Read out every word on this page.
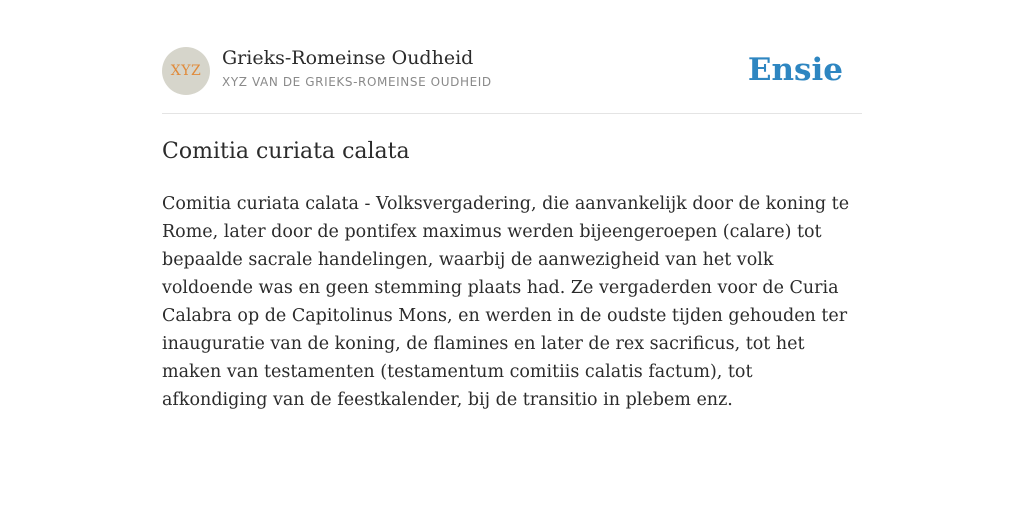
XYZ
Grieks-Romeinse Oudheid
XYZ VAN DE GRIEKS-ROMEINSE OUDHEID	Ensie
Comitia curiata calata

Comitia curiata calata - Volksvergadering, die aanvankelijk door de koning te Rome, later door de pontifex maximus werden bijeengeroepen (calare) tot bepaalde sacrale handelingen, waarbij de aanwezigheid van het volk voldoende was en geen stemming plaats had. Ze vergaderden voor de Curia Calabra op de Capitolinus Mons, en werden in de oudste tijden gehouden ter inauguratie van de koning, de flamines en later de rex sacrificus, tot het maken van testamenten (testamentum comitiis calatis factum), tot afkondiging van de feestkalender, bij de transitio in plebem enz.
